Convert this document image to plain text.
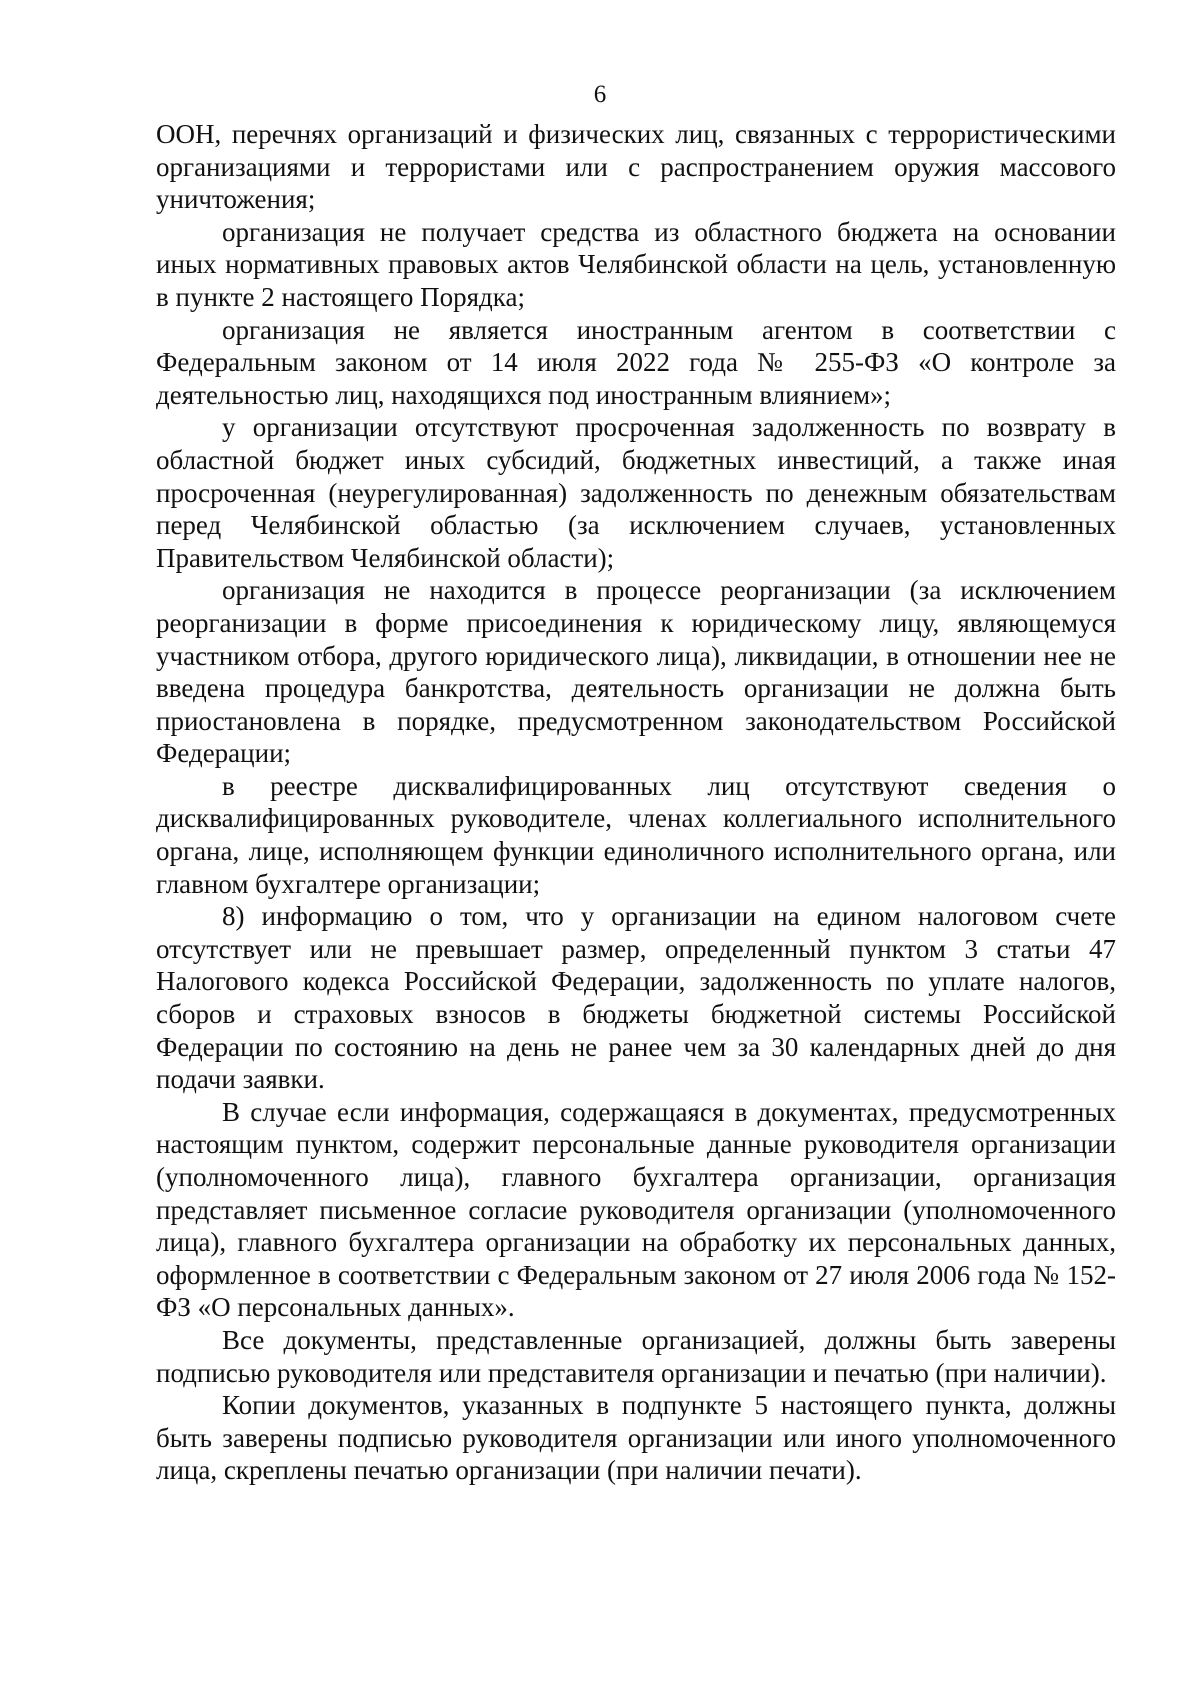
6

ООН, перечнях организаций и физических лиц, связанных с террористическими организациями и террористами или с распространением оружия массового уничтожения;

организация не получает средства из областного бюджета на основании иных нормативных правовых актов Челябинской области на цель, установленную в пункте 2 настоящего Порядка;

организация не является иностранным агентом в соответствии с Федеральным законом от 14 июля 2022 года № 255-ФЗ «О контроле за деятельностью лиц, находящихся под иностранным влиянием»;

у организации отсутствуют просроченная задолженность по возврату в областной бюджет иных субсидий, бюджетных инвестиций, а также иная просроченная (неурегулированная) задолженность по денежным обязательствам перед Челябинской областью (за исключением случаев, установленных Правительством Челябинской области);

организация не находится в процессе реорганизации (за исключением реорганизации в форме присоединения к юридическому лицу, являющемуся участником отбора, другого юридического лица), ликвидации, в отношении нее не введена процедура банкротства, деятельность организации не должна быть приостановлена в порядке, предусмотренном законодательством Российской Федерации;

в реестре дисквалифицированных лиц отсутствуют сведения о дисквалифицированных руководителе, членах коллегиального исполнительного органа, лице, исполняющем функции единоличного исполнительного органа, или главном бухгалтере организации;

8) информацию о том, что у организации на едином налоговом счете отсутствует или не превышает размер, определенный пунктом 3 статьи 47 Налогового кодекса Российской Федерации, задолженность по уплате налогов, сборов и страховых взносов в бюджеты бюджетной системы Российской Федерации по состоянию на день не ранее чем за 30 календарных дней до дня подачи заявки.

В случае если информация, содержащаяся в документах, предусмотренных настоящим пунктом, содержит персональные данные руководителя организации (уполномоченного лица), главного бухгалтера организации, организация представляет письменное согласие руководителя организации (уполномоченного лица), главного бухгалтера организации на обработку их персональных данных, оформленное в соответствии с Федеральным законом от 27 июля 2006 года № 152-ФЗ «О персональных данных».

Все документы, представленные организацией, должны быть заверены подписью руководителя или представителя организации и печатью (при наличии).

Копии документов, указанных в подпункте 5 настоящего пункта, должны быть заверены подписью руководителя организации или иного уполномоченного лица, скреплены печатью организации (при наличии печати).
